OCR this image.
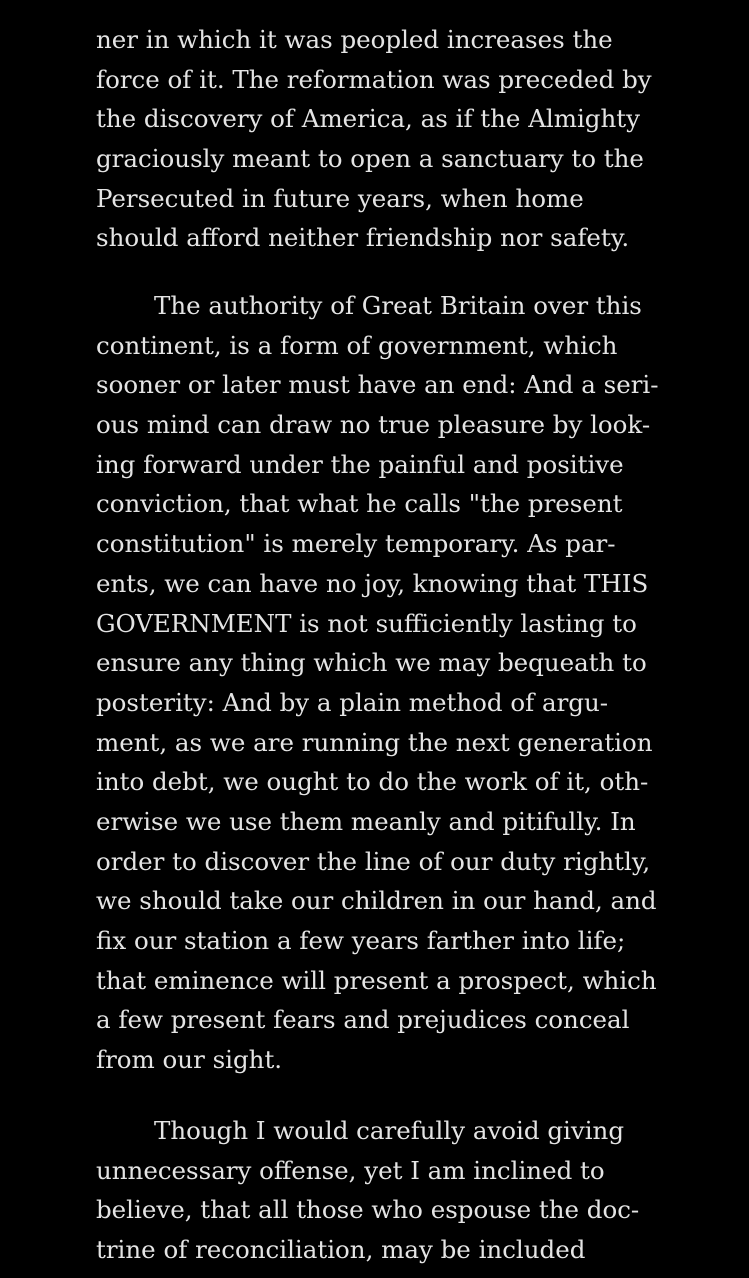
ner in which it was peopled increases the
force of it. The reformation was preceded by
the discovery of America, as if the Almighty
graciously meant to open a sanctuary to the
Persecuted in future years, when home
should afford neither friendship nor safety.
The authority of Great Britain over this
continent, is a form of government, which
sooner or later must have an end: And a seri-
ous mind can draw no true pleasure by look-
ing forward under the painful and positive
conviction, that what he calls "the present
constitution" is merely temporary. As par-
ents, we can have no joy, knowing that THIS
GOVERNMENT is not sufficiently lasting to
ensure any thing which we may bequeath to
posterity: And by a plain method of argu-
ment, as we are running the next generation
into debt, we ought to do the work of it, oth-
erwise we use them meanly and pitifully. In
order to discover the line of our duty rightly,
we should take our children in our hand, and
fix our station a few years farther into life;
that eminence will present a prospect, which
a few present fears and prejudices conceal
from our sight.
Though I would carefully avoid giving
unnecessary offense, yet I am inclined to
believe, that all those who espouse the doc-
trine of reconciliation, may be included
